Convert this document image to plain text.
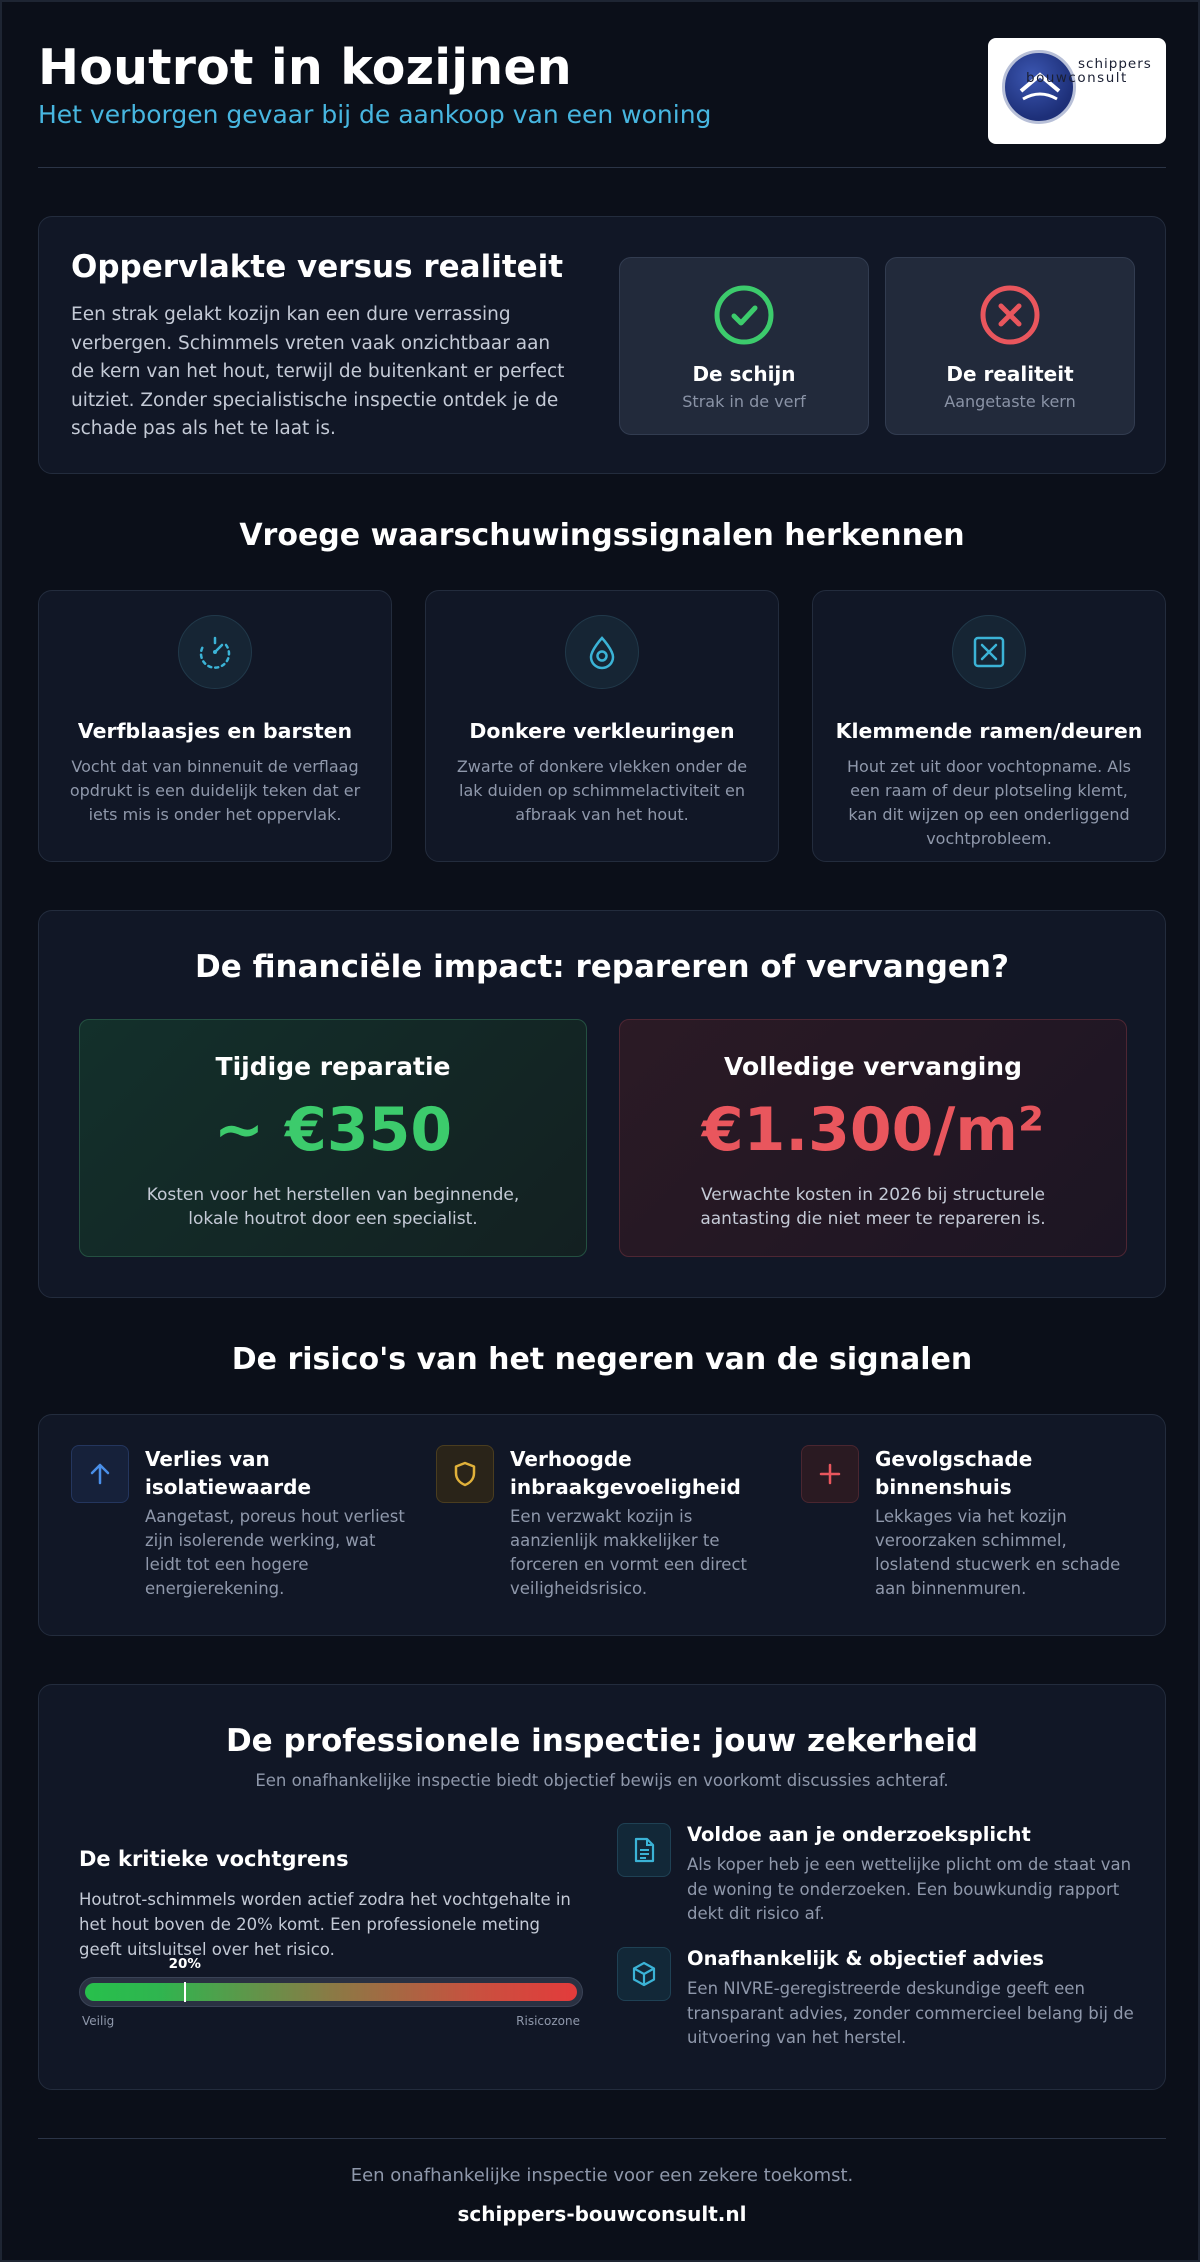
Houtrot in kozijnen
Het verborgen gevaar bij de aankoop van een woning
schippers
bouwconsult
Oppervlakte versus realiteit

Een strak gelakt kozijn kan een dure verrassing verbergen. Schimmels vreten vaak onzichtbaar aan de kern van het hout, terwijl de buitenkant er perfect uitziet. Zonder specialistische inspectie ontdek je de schade pas als het te laat is.

De schijn
Strak in de verf
De realiteit
Aangetaste kern
Vroege waarschuwingssignalen herkennen
Verfblaasjes en barsten
Vocht dat van binnenuit de verflaag opdrukt is een duidelijk teken dat er iets mis is onder het oppervlak.
Donkere verkleuringen
Zwarte of donkere vlekken onder de lak duiden op schimmelactiviteit en afbraak van het hout.
Klemmende ramen/deuren
Hout zet uit door vochtopname. Als een raam of deur plotseling klemt, kan dit wijzen op een onderliggend vochtprobleem.
De financiële impact: repareren of vervangen?
Tijdige reparatie
~ €350
Kosten voor het herstellen van beginnende, lokale houtrot door een specialist.
Volledige vervanging
€1.300/m²
Verwachte kosten in 2026 bij structurele aantasting die niet meer te repareren is.
De risico's van het negeren van de signalen
Verlies van isolatiewaarde
Aangetast, poreus hout verliest zijn isolerende werking, wat leidt tot een hogere energierekening.
Verhoogde inbraakgevoeligheid
Een verzwakt kozijn is aanzienlijk makkelijker te forceren en vormt een direct veiligheidsrisico.
Gevolgschade binnenshuis
Lekkages via het kozijn veroorzaken schimmel, loslatend stucwerk en schade aan binnenmuren.
De professionele inspectie: jouw zekerheid
Een onafhankelijke inspectie biedt objectief bewijs en voorkomt discussies achteraf.
De kritieke vochtgrens
Houtrot-schimmels worden actief zodra het vochtgehalte in het hout boven de 20% komt. Een professionele meting geeft uitsluitsel over het risico.
20%
Veilig	Risicozone
Voldoe aan je onderzoeksplicht
Als koper heb je een wettelijke plicht om de staat van de woning te onderzoeken. Een bouwkundig rapport dekt dit risico af.
Onafhankelijk & objectief advies
Een NIVRE-geregistreerde deskundige geeft een transparant advies, zonder commercieel belang bij de uitvoering van het herstel.
Een onafhankelijke inspectie voor een zekere toekomst.
schippers-bouwconsult.nl
